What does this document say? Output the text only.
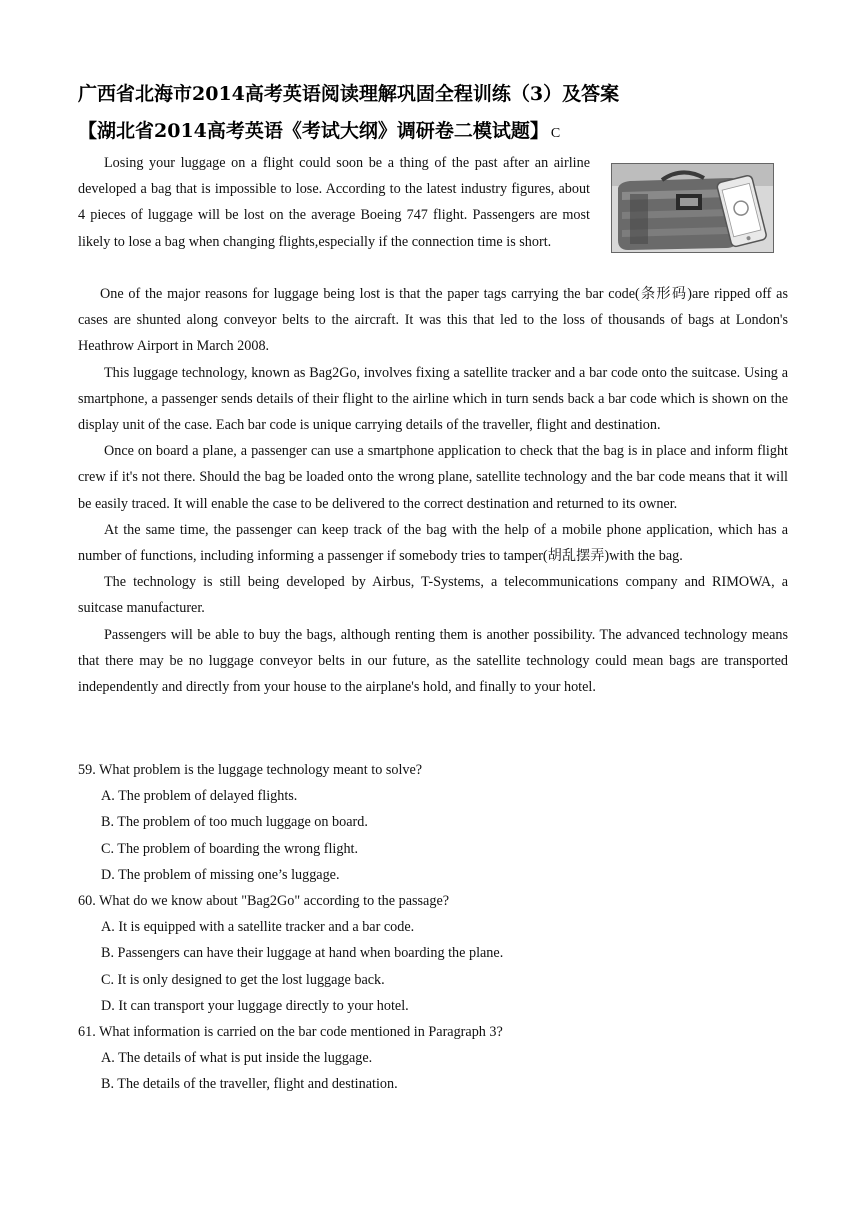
广西省北海市2014高考英语阅读理解巩固全程训练（3）及答案
【湖北省2014高考英语《考试大纲》调研卷二模试题】 C

Losing your luggage on a flight could soon be a thing of the past after an airline developed a bag that is impossible to lose. According to the latest industry figures, about 4 pieces of luggage will be lost on the average Boeing 747 flight. Passengers are most likely to lose a bag when changing flights,especially if the connection time is short.

One of the major reasons for luggage being lost is that the paper tags carrying the bar code(条形码)are ripped off as cases are shunted along conveyor belts to the aircraft. It was this that led to the loss of thousands of bags at London's Heathrow Airport in March 2008.

This luggage technology, known as Bag2Go, involves fixing a satellite tracker and a bar code onto the suitcase. Using a smartphone, a passenger sends details of their flight to the airline which in turn sends back a bar code which is shown on the display unit of the case. Each bar code is unique carrying details of the traveller, flight and destination.

Once on board a plane, a passenger can use a smartphone application to check that the bag is in place and inform flight crew if it's not there. Should the bag be loaded onto the wrong plane, satellite technology and the bar code means that it will be easily traced. It will enable the case to be delivered to the correct destination and returned to its owner.

At the same time, the passenger can keep track of the bag with the help of a mobile phone application, which has a number of functions, including informing a passenger if somebody tries to tamper(胡乱摆弄)with the bag.

The technology is still being developed by Airbus, T-Systems, a telecommunications company and RIMOWA, a suitcase manufacturer.

Passengers will be able to buy the bags, although renting them is another possibility. The advanced technology means that there may be no luggage conveyor belts in our future, as the satellite technology could mean bags are transported independently and directly from your house to the airplane's hold, and finally to your hotel.

59. What problem is the luggage technology meant to solve?

A. The problem of delayed flights.

B. The problem of too much luggage on board.

C. The problem of boarding the wrong flight.

D. The problem of missing one’s luggage.

60. What do we know about "Bag2Go" according to the passage?

A. It is equipped with a satellite tracker and a bar code.

B. Passengers can have their luggage at hand when boarding the plane.

C. It is only designed to get the lost luggage back.

D. It can transport your luggage directly to your hotel.

61. What information is carried on the bar code mentioned in Paragraph 3?

A. The details of what is put inside the luggage.

B. The details of the traveller, flight and destination.
